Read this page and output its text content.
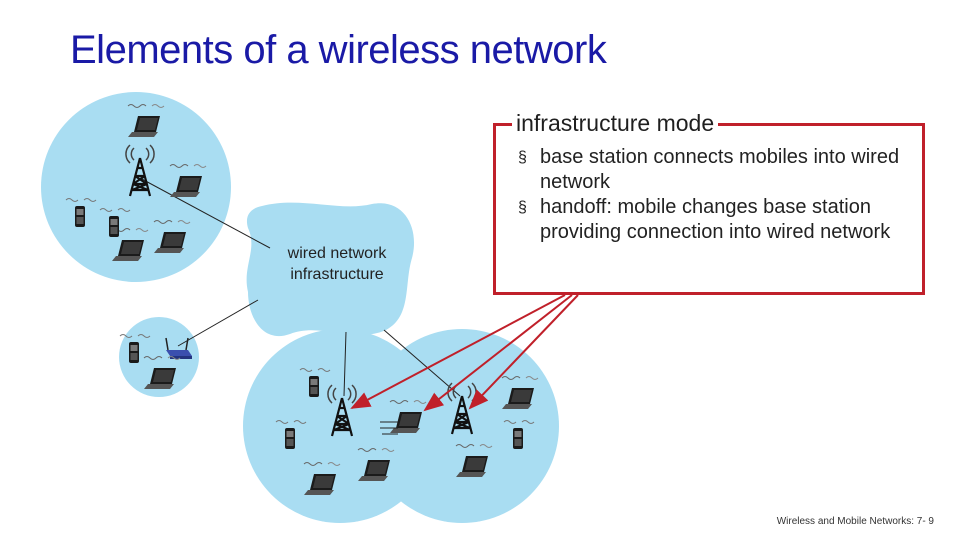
Elements of a wireless network
wired network
infrastructure
infrastructure mode
§ base station connects mobiles into wired network
§ handoff: mobile changes base station providing connection into wired network
Wireless and Mobile Networks: 7- 9
